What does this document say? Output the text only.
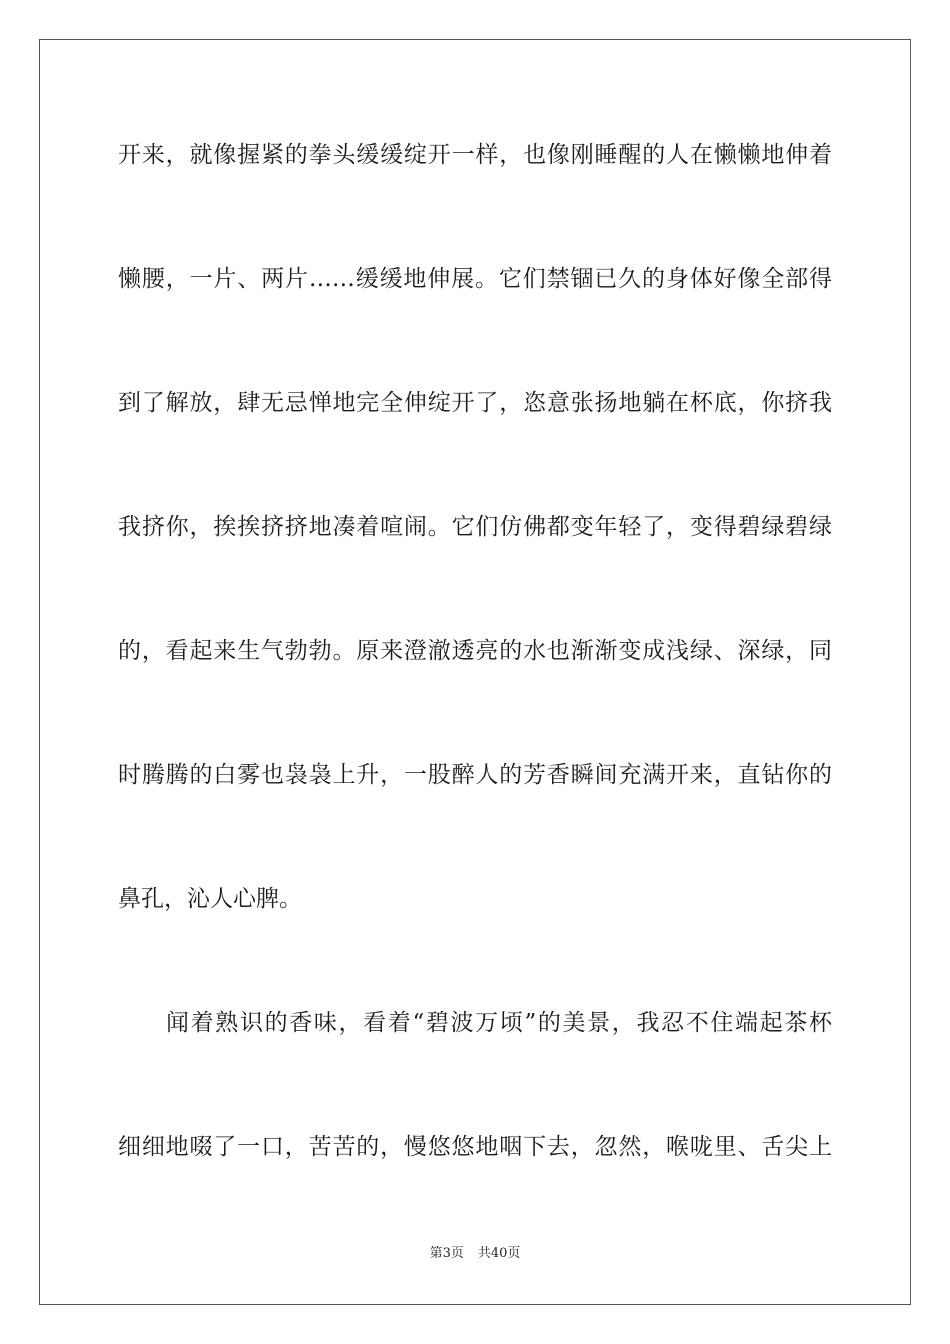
开来，就像握紧的拳头缓缓绽开一样，也像刚睡醒的人在懒懒地伸着
懒腰，一片、两片……缓缓地伸展。它们禁锢已久的身体好像全部得
到了解放，肆无忌惮地完全伸绽开了，恣意张扬地躺在杯底，你挤我
我挤你，挨挨挤挤地凑着喧闹。它们仿佛都变年轻了，变得碧绿碧绿
的，看起来生气勃勃。原来澄澈透亮的水也渐渐变成浅绿、深绿，同
时腾腾的白雾也袅袅上升，一股醉人的芳香瞬间充满开来，直钻你的
鼻孔，沁人心脾。
闻着熟识的香味，看着“碧波万顷”的美景，我忍不住端起茶杯
细细地啜了一口，苦苦的，慢悠悠地咽下去，忽然，喉咙里、舌尖上
第3页 共40页
